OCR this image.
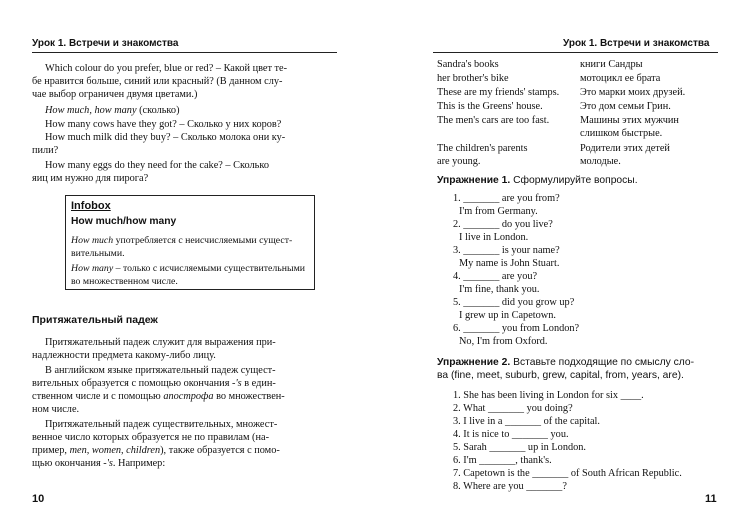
Урок 1. Встречи и знакомства
Which colour do you prefer, blue or red? – Какой цвет те-
бе нравится больше, синий или красный? (В данном слу-
чае выбор ограничен двумя цветами.)
How much, how many (сколько)
How many cows have they got? – Сколько у них коров?
How much milk did they buy? – Сколько молока они ку-
пили?
How many eggs do they need for the cake? – Сколько
яиц им нужно для пирога?
Infobox
How much/how many
How much употребляется с неисчисляемыми сущест-
вительными.
How many – только с исчисляемыми существительными
во множественном числе.
Притяжательный падеж
Притяжательный падеж служит для выражения при-
надлежности предмета какому-либо лицу.
В английском языке притяжательный падеж сущест-
вительных образуется с помощью окончания -'s в един-
ственном числе и с помощью апострофа во множествен-
ном числе.
Притяжательный падеж существительных, множест-
венное число которых образуется не по правилам (на-
пример, men, women, children), также образуется с помо-
щью окончания -'s. Например:
10
Урок 1. Встречи и знакомства
Sandra's books	книги Сандры
her brother's bike	мотоцикл ее брата
These are my friends' stamps. Это марки моих друзей.
This is the Greens' house.	Это дом семьи Грин.
The men's cars are too fast.	Машины этих мужчин
слишком быстрые.
The children's parents	Родители этих детей
are young.	молодые.
Упражнение 1. Сформулируйте вопросы.
1. _______ are you from?
I'm from Germany.
2. _______ do you live?
I live in London.
3. _______ is your name?
My name is John Stuart.
4. _______ are you?
I'm fine, thank you.
5. _______ did you grow up?
I grew up in Capetown.
6. _______ you from London?
No, I'm from Oxford.
Упражнение 2. Вставьте подходящие по смыслу сло-
ва (fine, meet, suburb, grew, capital, from, years, are).
1. She has been living in London for six ____.
2. What _______ you doing?
3. I live in a _______ of the capital.
4. It is nice to _______ you.
5. Sarah _______ up in London.
6. I'm _______, thank's.
7. Capetown is the _______ of South African Republic.
8. Where are you _______?
11
